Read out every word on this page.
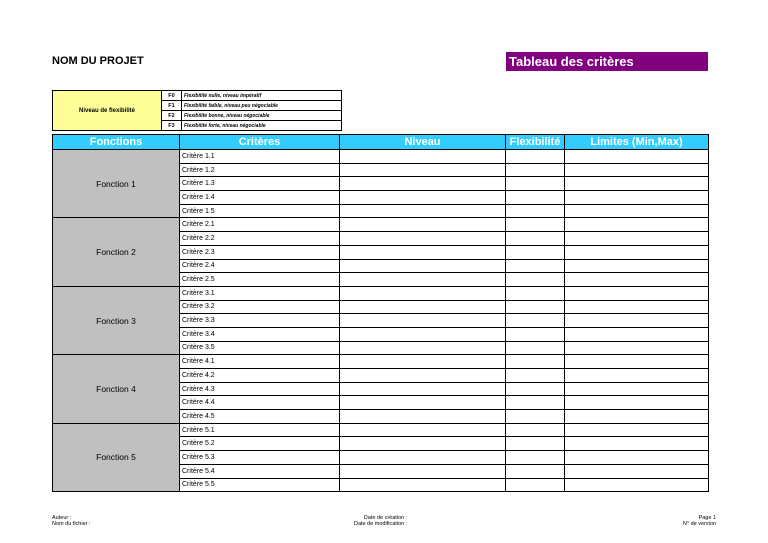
NOM DU PROJET	Tableau des critères
Niveau de flexibilité	F0	Flexibilité nulle, niveau impératif
	F1	Flexibilité faible, niveau peu négociable
	F2	Flexibilité bonne, niveau négociable
	F3	Flexibilité forte, niveau négociable
Fonctions	Critères	Niveau	Flexibilité	Limites (Min,Max)
Fonction 1	Critère 1.1			
	Critère 1.2			
	Critère 1.3			
	Critère 1.4			
	Critère 1.5			
Fonction 2	Critère 2.1			
	Critère 2.2			
	Critère 2.3			
	Critère 2.4			
	Critère 2.5			
Fonction 3	Critère 3.1			
	Critère 3.2			
	Critère 3.3			
	Critère 3.4			
	Critère 3.5			
Fonction 4	Critère 4.1			
	Critère 4.2			
	Critère 4.3			
	Critère 4.4			
	Critère 4.5			
Fonction 5	Critère 5.1			
	Critère 5.2			
	Critère 5.3			
	Critère 5.4			
	Critère 5.5			
Auteur :
Nom du fichier :
Date de création :
Date de modification :
Page 1
N° de version
